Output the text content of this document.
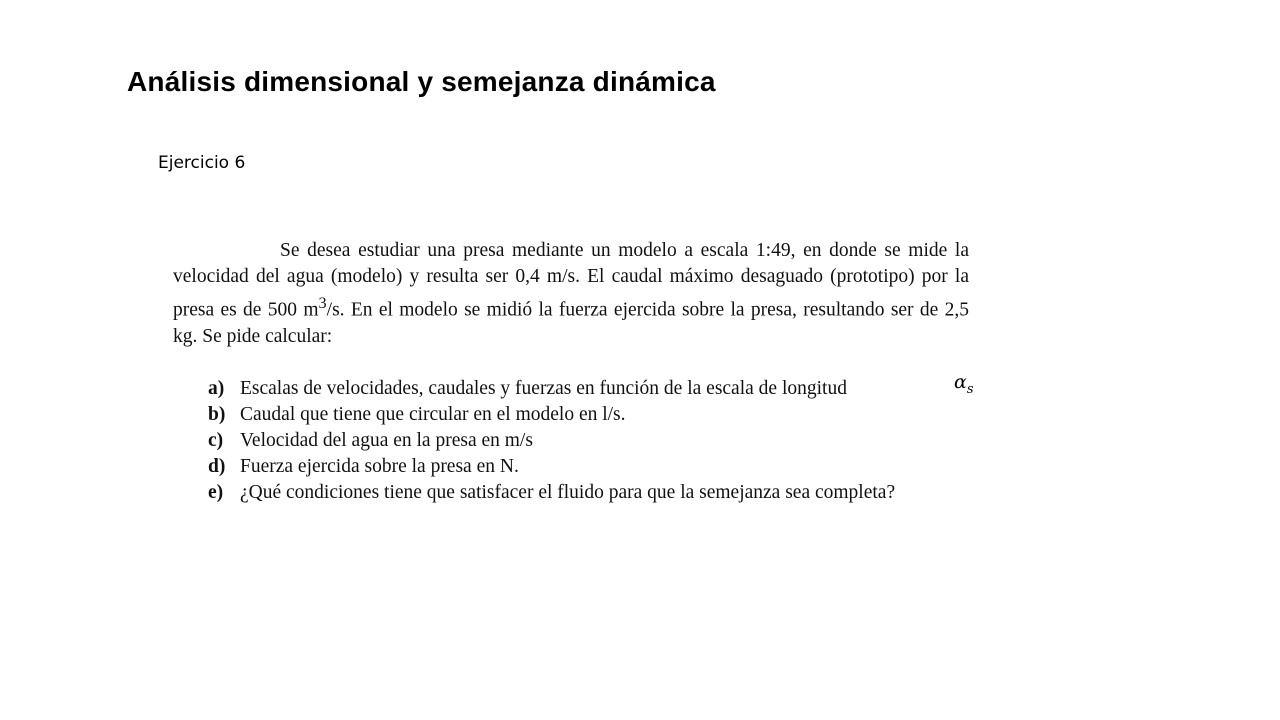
Análisis dimensional y semejanza dinámica
Ejercicio 6

Se desea estudiar una presa mediante un modelo a escala 1:49, en donde se mide la velocidad del agua (modelo) y resulta ser 0,4 m/s. El caudal máximo desaguado (prototipo) por la presa es de 500 $m^3/s$. En el modelo se midió la fuerza ejercida sobre la presa, resultando ser de 2,5 kg. Se pide calcular:

a) Escalas de velocidades, caudales y fuerzas en función de la escala de longitud
b) Caudal que tiene que circular en el modelo en l/s.
c) Velocidad del agua en la presa en m/s
d) Fuerza ejercida sobre la presa en N.
e) ¿Qué condiciones tiene que satisfacer el fluido para que la semejanza sea completa?
$\alpha_s$
